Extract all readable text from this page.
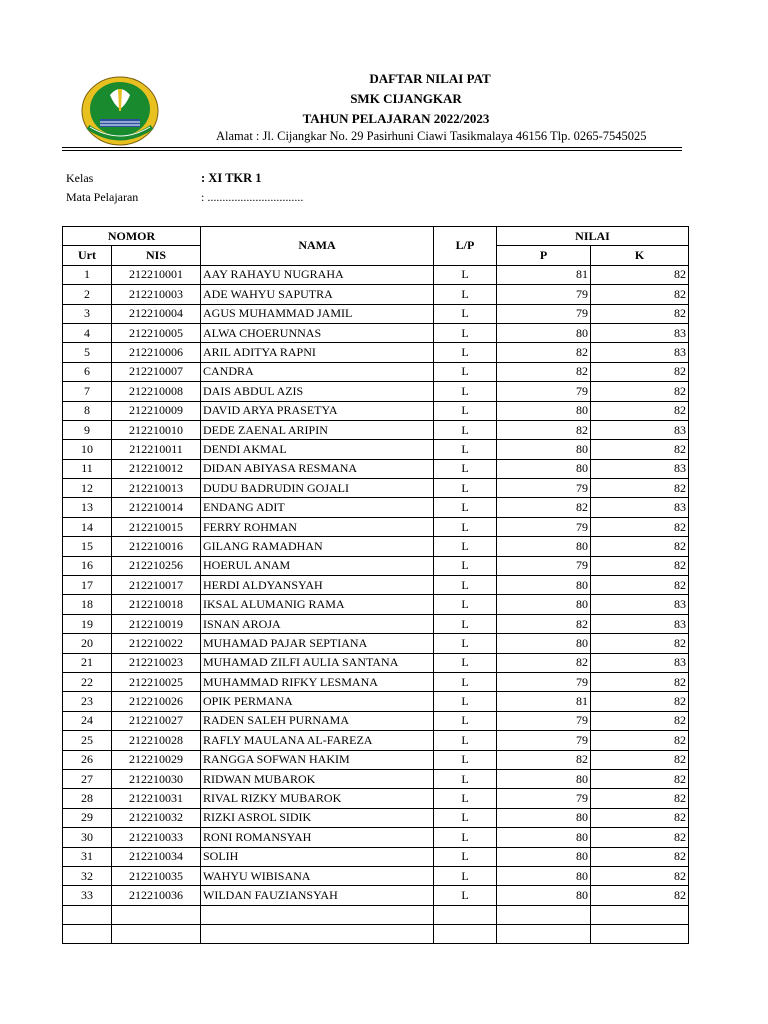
DAFTAR NILAI PAT
SMK CIJANGKAR
TAHUN PELAJARAN 2022/2023
Alamat : Jl. Cijangkar No. 29 Pasirhuni Ciawi Tasikmalaya 46156 Tlp. 0265-7545025
Kelas	: XI TKR 1
Mata Pelajaran	: ................................
NOMOR		NAMA	L/P	NILAI	
Urt	NIS			P	K
1	212210001	AAY RAHAYU NUGRAHA	L	81	82
2	212210003	ADE WAHYU SAPUTRA	L	79	82
3	212210004	AGUS MUHAMMAD JAMIL	L	79	82
4	212210005	ALWA CHOERUNNAS	L	80	83
5	212210006	ARIL ADITYA RAPNI	L	82	83
6	212210007	CANDRA	L	82	82
7	212210008	DAIS ABDUL AZIS	L	79	82
8	212210009	DAVID ARYA PRASETYA	L	80	82
9	212210010	DEDE ZAENAL ARIPIN	L	82	83
10	212210011	DENDI AKMAL	L	80	82
11	212210012	DIDAN ABIYASA RESMANA	L	80	83
12	212210013	DUDU BADRUDIN GOJALI	L	79	82
13	212210014	ENDANG ADIT	L	82	83
14	212210015	FERRY ROHMAN	L	79	82
15	212210016	GILANG RAMADHAN	L	80	82
16	212210256	HOERUL ANAM	L	79	82
17	212210017	HERDI ALDYANSYAH	L	80	82
18	212210018	IKSAL ALUMANIG RAMA	L	80	83
19	212210019	ISNAN AROJA	L	82	83
20	212210022	MUHAMAD PAJAR SEPTIANA	L	80	82
21	212210023	MUHAMAD ZILFI AULIA SANTANA	L	82	83
22	212210025	MUHAMMAD RIFKY LESMANA	L	79	82
23	212210026	OPIK PERMANA	L	81	82
24	212210027	RADEN SALEH PURNAMA	L	79	82
25	212210028	RAFLY MAULANA AL-FAREZA	L	79	82
26	212210029	RANGGA SOFWAN HAKIM	L	82	82
27	212210030	RIDWAN MUBAROK	L	80	82
28	212210031	RIVAL RIZKY MUBAROK	L	79	82
29	212210032	RIZKI ASROL SIDIK	L	80	82
30	212210033	RONI ROMANSYAH	L	80	82
31	212210034	SOLIH	L	80	82
32	212210035	WAHYU WIBISANA	L	80	82
33	212210036	WILDAN FAUZIANSYAH	L	80	82
